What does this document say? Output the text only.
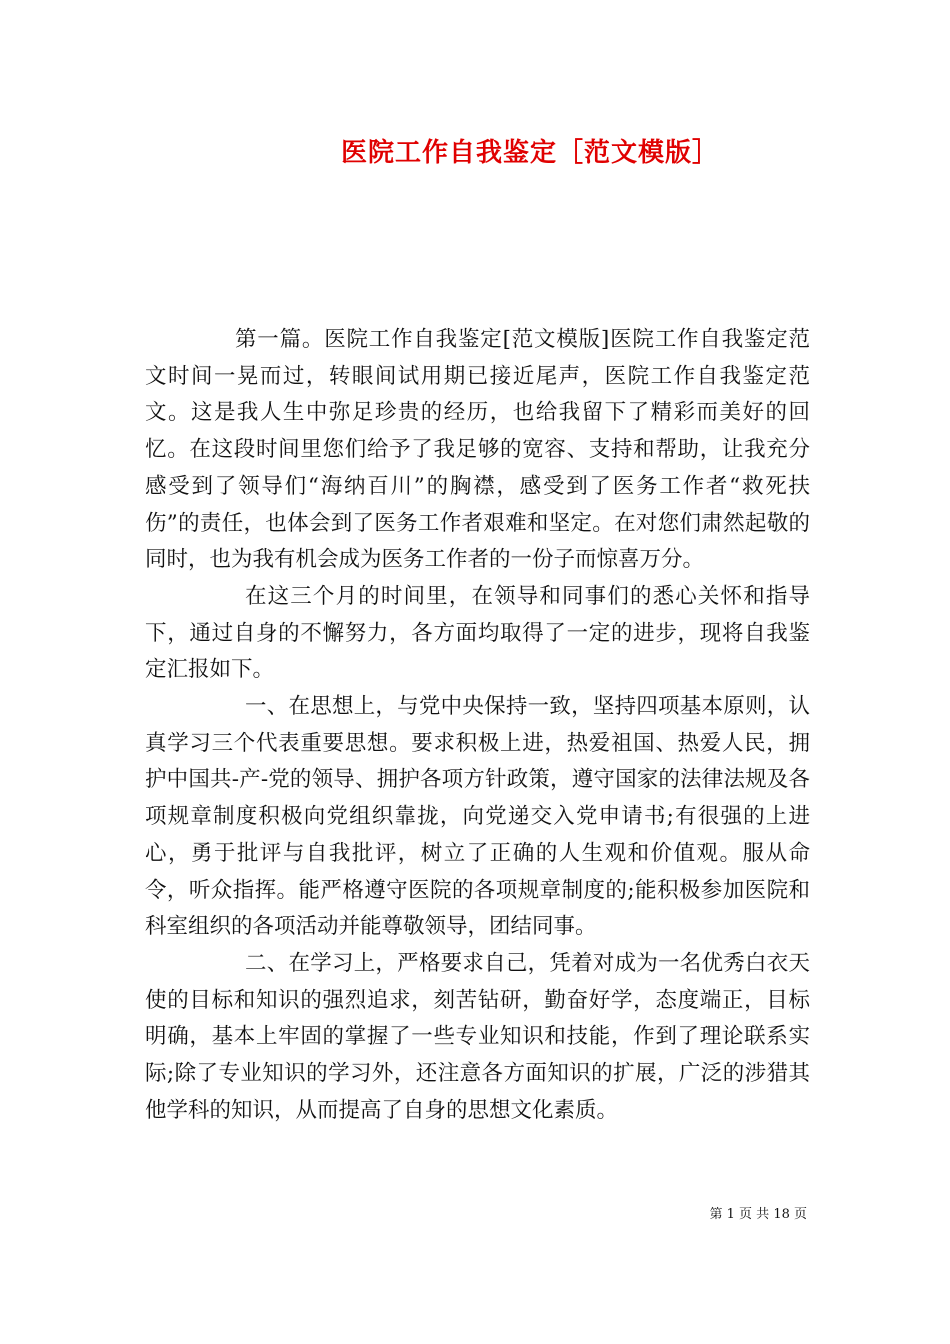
医院工作自我鉴定［范文模版］

第一篇。医院工作自我鉴定[范文模版]医院工作自我鉴定范文时间一晃而过，转眼间试用期已接近尾声，医院工作自我鉴定范文。这是我人生中弥足珍贵的经历，也给我留下了精彩而美好的回忆。在这段时间里您们给予了我足够的宽容、支持和帮助，让我充分感受到了领导们“海纳百川”的胸襟，感受到了医务工作者“救死扶伤”的责任，也体会到了医务工作者艰难和坚定。在对您们肃然起敬的同时，也为我有机会成为医务工作者的一份子而惊喜万分。

在这三个月的时间里，在领导和同事们的悉心关怀和指导下，通过自身的不懈努力，各方面均取得了一定的进步，现将自我鉴定汇报如下。

一、在思想上，与党中央保持一致，坚持四项基本原则，认真学习三个代表重要思想。要求积极上进，热爱祖国、热爱人民，拥护中国共-产-党的领导、拥护各项方针政策，遵守国家的法律法规及各项规章制度积极向党组织靠拢，向党递交入党申请书;有很强的上进心，勇于批评与自我批评，树立了正确的人生观和价值观。服从命令，听众指挥。能严格遵守医院的各项规章制度的;能积极参加医院和科室组织的各项活动并能尊敬领导，团结同事。

二、在学习上，严格要求自己，凭着对成为一名优秀白衣天使的目标和知识的强烈追求，刻苦钻研，勤奋好学，态度端正，目标明确，基本上牢固的掌握了一些专业知识和技能，作到了理论联系实际;除了专业知识的学习外，还注意各方面知识的扩展，广泛的涉猎其他学科的知识，从而提高了自身的思想文化素质。

第 1 页 共 18 页
